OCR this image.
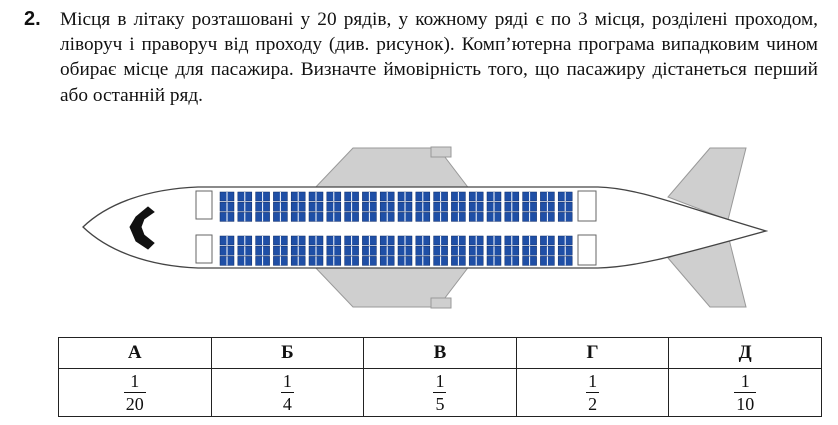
2. Місця в літаку розташовані у 20 рядів, у кожному ряді є по 3 місця, розділені проходом, ліворуч і праворуч від проходу (див. рисунок). Комп’ютерна програма випадковим чином обирає місце для пасажира. Визначте ймовірність того, що пасажиру дістанеться перший або останній ряд.
А	Б	В	Г	Д

$\frac{1}{20}$	$\frac{1}{4}$	$\frac{1}{5}$	$\frac{1}{2}$	$\frac{1}{10}$
